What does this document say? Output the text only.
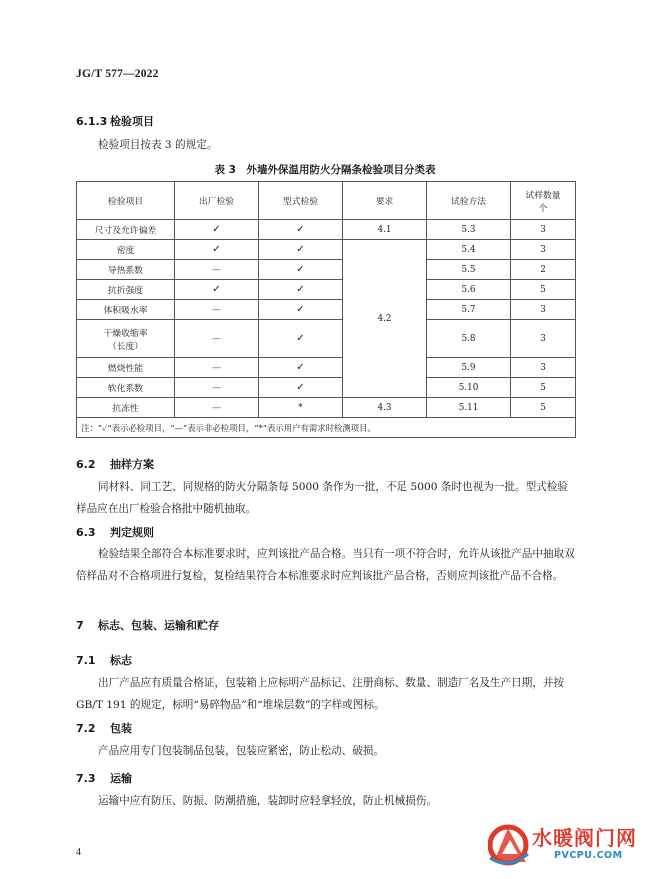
JG/T 577—2022
6.1.3 检验项目
检验项目按表 3 的规定。
表 3　外墙外保温用防火分隔条检验项目分类表
检验项目	出厂检验	型式检验	要求	试验方法	试样数量
个
尺寸及允许偏差	✓	✓	4.1	5.3	3
密度	✓	✓	4.2	5.4	3
导热系数	—	✓		5.5	2
抗折强度	✓	✓		5.6	5
体积吸水率	—	✓		5.7	3
干燥收缩率
（长度）	—	✓		5.8	3
燃烧性能	—	✓		5.9	3
软化系数	—	✓		5.10	5
抗冻性	—	*	4.3	5.11	5
注：“✓”表示必检项目，“—”表示非必检项目，“*”表示用户有需求时检测项目。					
6.2 抽样方案
同材料、同工艺、同规格的防火分隔条每 5000 条作为一批，不足 5000 条时也视为一批。型式检验样品应在出厂检验合格批中随机抽取。
6.3 判定规则
检验结果全部符合本标准要求时，应判该批产品合格。当只有一项不符合时，允许从该批产品中抽取双倍样品对不合格项进行复检，复检结果符合本标准要求时应判该批产品合格，否则应判该批产品不合格。
7 标志、包装、运输和贮存
7.1 标志
出厂产品应有质量合格证，包装箱上应标明产品标记、注册商标、数量、制造厂名及生产日期，并按 GB/T 191 的规定，标明“易碎物品”和“堆垛层数”的字样或图标。
7.2 包装
产品应用专门包装制品包装，包装应紧密，防止松动、破损。
7.3 运输
运输中应有防压、防振、防潮措施，装卸时应轻拿轻放，防止机械损伤。
4
水暖阀门网
PVCPU.COM
